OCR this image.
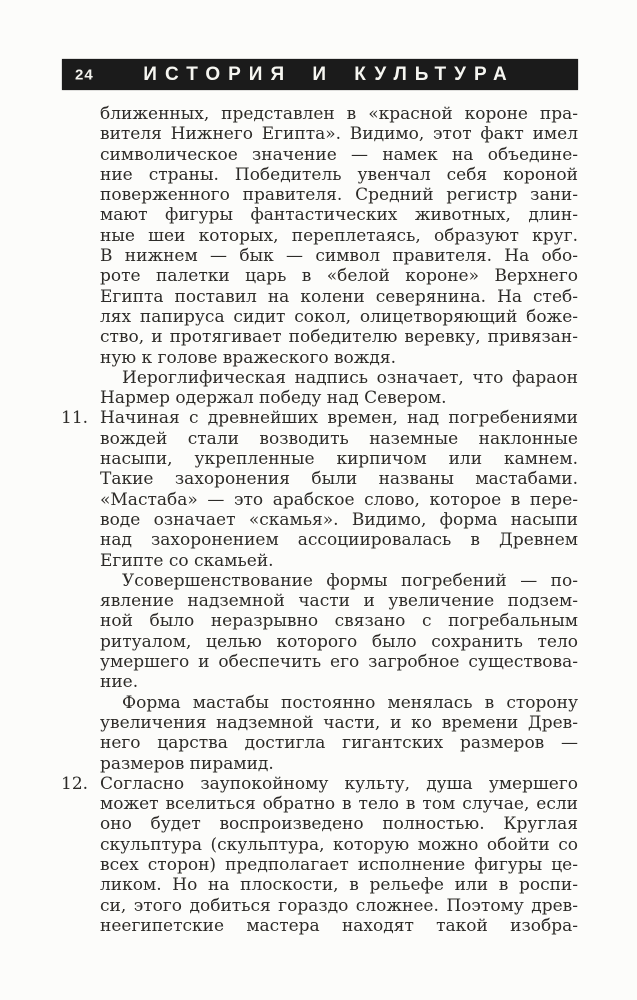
24	ИСТОРИЯ И КУЛЬТУРА
ближенных, представлен в «красной короне пра-
вителя Нижнего Египта». Видимо, этот факт имел
символическое значение — намек на объедине-
ние страны. Победитель увенчал себя короной
поверженного правителя. Средний регистр зани-
мают фигуры фантастических животных, длин-
ные шеи которых, переплетаясь, образуют круг.
В нижнем — бык — символ правителя. На обо-
роте палетки царь в «белой короне» Верхнего
Египта поставил на колени северянина. На стеб-
лях папируса сидит сокол, олицетворяющий боже-
ство, и протягивает победителю веревку, привязан-
ную к голове вражеского вождя.
Иероглифическая надпись означает, что фараон
Нармер одержал победу над Севером.
11. Начиная с древнейших времен, над погребениями
вождей стали возводить наземные наклонные
насыпи, укрепленные кирпичом или камнем.
Такие захоронения были названы мастабами.
«Мастаба» — это арабское слово, которое в пере-
воде означает «скамья». Видимо, форма насыпи
над захоронением ассоциировалась в Древнем
Египте со скамьей.
Усовершенствование формы погребений — по-
явление надземной части и увеличение подзем-
ной было неразрывно связано с погребальным
ритуалом, целью которого было сохранить тело
умершего и обеспечить его загробное существова-
ние.
Форма мастабы постоянно менялась в сторону
увеличения надземной части, и ко времени Древ-
него царства достигла гигантских размеров —
размеров пирамид.
12. Согласно заупокойному культу, душа умершего
может вселиться обратно в тело в том случае, если
оно будет воспроизведено полностью. Круглая
скульптура (скульптура, которую можно обойти со
всех сторон) предполагает исполнение фигуры це-
ликом. Но на плоскости, в рельефе или в роспи-
си, этого добиться гораздо сложнее. Поэтому древ-
неегипетские мастера находят такой изобра-
